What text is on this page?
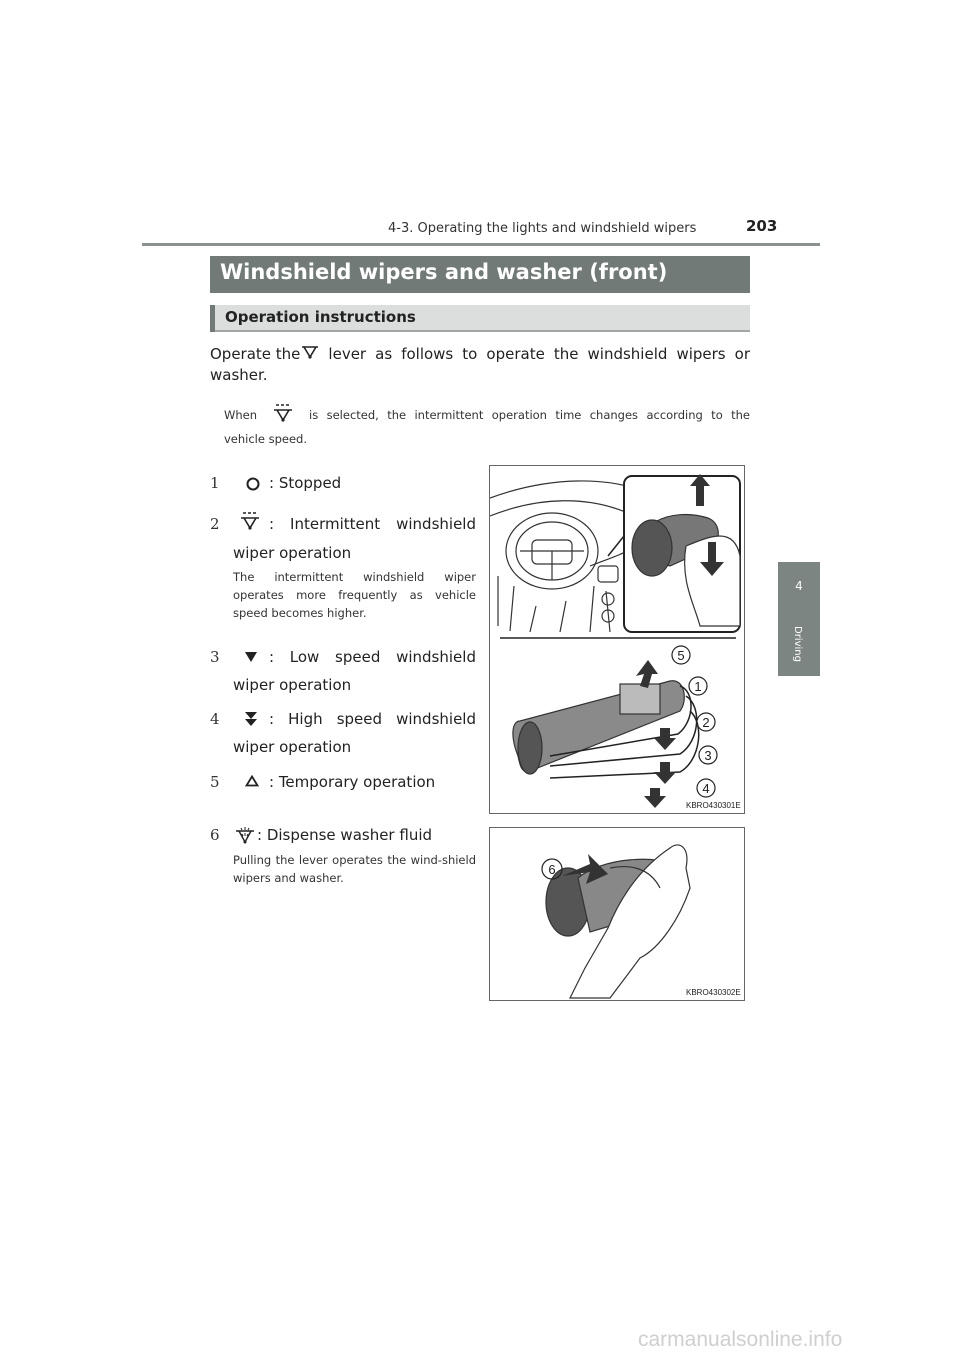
4-3. Operating the lights and windshield wipers	203
4
Driving
Windshield wipers and washer (front)
Operation instructions
Operate the	lever as follows to operate the windshield wipers or
washer.
When	is selected, the intermittent operation time changes according to the
vehicle speed.
1	: Stopped
2	: Intermittent windshield
wiper operation
The intermittent windshield wiper operates more frequently as vehicle speed becomes higher.
3	: Low speed windshield
wiper operation
4	: High speed windshield
wiper operation
5	: Temporary operation
6 : Dispense washer fluid
Pulling the lever operates the wind-shield wipers and washer.
5
1
2
3
4
KBRO430301E
6
KBRO430302E
carmanualsonline.info
